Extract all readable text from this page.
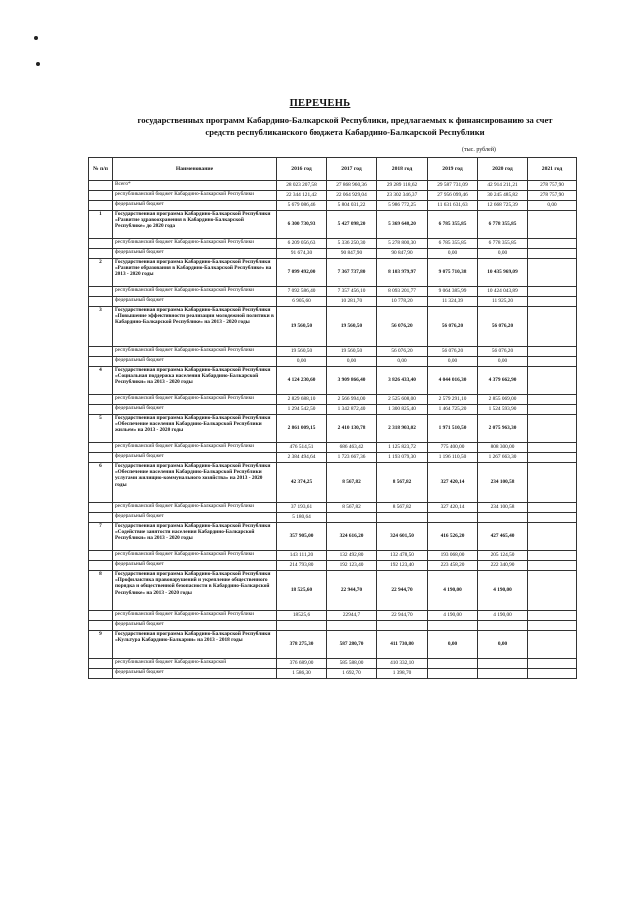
ПЕРЕЧЕНЬ
государственных программ Кабардино-Балкарской Республики, предлагаемых к финансированию за счет средств республиканского бюджета Кабардино-Балкарской Республики
(тыс. рублей)
№ п/п	Наименование	2016 год	2017 год	2018 год	2019 год	2020 год	2021 год
	Всего*	28 023 207,58	27 868 960,36	29 289 118,62	29 587 731,09	42 914 211,21	278 757,90
	республиканский бюджет Кабардино-Балкарской Республики	22 344 121,42	22 064 929,04	23 302 346,37	27 956 099,46	30 245 485,82	278 757,90
	федеральный бюджет	5 679 086,46	5 804 031,22	5 986 772,25	11 631 631,63	12 668 725,39	0,00
1	Государственная программа Кабардино-Балкарской Республики «Развитие здравоохранения в Кабардино-Балкарской Республике» до 2020 года	6 300 730,93	5 427 098,20	5 369 648,20	6 785 355,85	6 778 355,85	
	республиканский бюджет Кабардино-Балкарской Республики	6 209 056,63	5 336 250,30	5 278 800,30	6 785 355,85	6 778 355,85	
	федеральный бюджет	91 674,30	90 847,90	90 847,90	0,00	0,00	
2	Государственная программа Кабардино-Балкарской Республики «Развитие образования в Кабардино-Балкарской Республике» на 2013 - 2020 годы	7 099 492,00	7 367 737,80	8 103 979,97	9 075 710,38	10 435 969,09	
	республиканский бюджет Кабардино-Балкарской Республики	7 092 586,40	7 357 456,10	8 093 201,77	9 064 385,99	10 424 043,89	
	федеральный бюджет	6 905,60	10 281,70	10 778,20	11 324,39	11 925,20	
3	Государственная программа Кабардино-Балкарской Республики «Повышение эффективности реализации молодежной политики в Кабардино-Балкарской Республике» на 2013 - 2020 годы	19 560,50	19 560,50	56 076,20	56 076,20	56 076,20	
	республиканский бюджет Кабардино-Балкарской Республики	19 560,50	19 560,50	56 076,20	56 076,20	56 076,20	
	федеральный бюджет	0,00	0,00	0,00	0,00	0,00	
4	Государственная программа Кабардино-Балкарской Республики «Социальная поддержка населения Кабардино-Балкарской Республики» на 2013 - 2020 годы	4 124 230,60	3 909 866,40	3 826 433,40	4 044 016,30	4 379 662,90	
	республиканский бюджет Кабардино-Балкарской Республики	2 829 688,10	2 566 994,00	2 525 608,00	2 579 291,10	2 855 069,00	
	федеральный бюджет	1 294 542,50	1 342 872,40	1 300 825,40	1 464 725,20	1 524 593,90	
5	Государственная программа Кабардино-Балкарской Республики «Обеспечение населения Кабардино-Балкарской Республики жильем» на 2013 - 2020 годы	2 861 009,15	2 410 130,78	2 318 903,02	1 971 510,50	2 075 963,30	
	республиканский бюджет Кабардино-Балкарской Республики	476 514,51	686 463,42	1 125 823,72	775 400,00	808 300,00	
	федеральный бюджет	2 384 494,64	1 723 667,36	1 193 079,30	1 196 110,50	1 267 663,30	
6	Государственная программа Кабардино-Балкарской Республики «Обеспечение населения Кабардино-Балкарской Республики услугами жилищно-коммунального хозяйства» на 2013 - 2020 годы	42 374,25	8 567,82	8 567,82	327 420,14	234 100,58	
	республиканский бюджет Кабардино-Балкарской Республики	37 193,61	8 567,82	8 567,82	327 420,14	234 100,58	
	федеральный бюджет	5 180,64					
7	Государственная программа Кабардино-Балкарской Республики «Содействие занятости населения Кабардино-Балкарской Республики» на 2013 - 2020 годы	357 905,00	324 616,20	324 601,50	416 526,20	427 465,40	
	республиканский бюджет Кабардино-Балкарской Республики	143 111,20	132 492,80	132 478,50	193 068,00	205 124,50	
	федеральный бюджет	214 793,80	192 123,40	192 123,40	223 458,20	222 340,90	
8	Государственная программа Кабардино-Балкарской Республики «Профилактика правонарушений и укрепление общественного порядка и общественной безопасности в Кабардино-Балкарской Республике» на 2013 - 2020 годы	18 525,60	22 944,70	22 944,70	4 190,00	4 190,00	
	республиканский бюджет Кабардино-Балкарской Республики	18525,6	22944,7	22 944,70	4 190,00	4 190,00	
	федеральный бюджет						
9	Государственная программа Кабардино-Балкарской Республики «Культура Кабардино-Балкарии» на 2013 - 2018 годы	378 275,30	587 280,70	411 730,80	0,00	0,00	
	республиканский бюджет Кабардино-Балкарской	376 689,00	585 588,00	410 332,10			
	федеральный бюджет	1 586,30	1 692,70	1 398,70			
